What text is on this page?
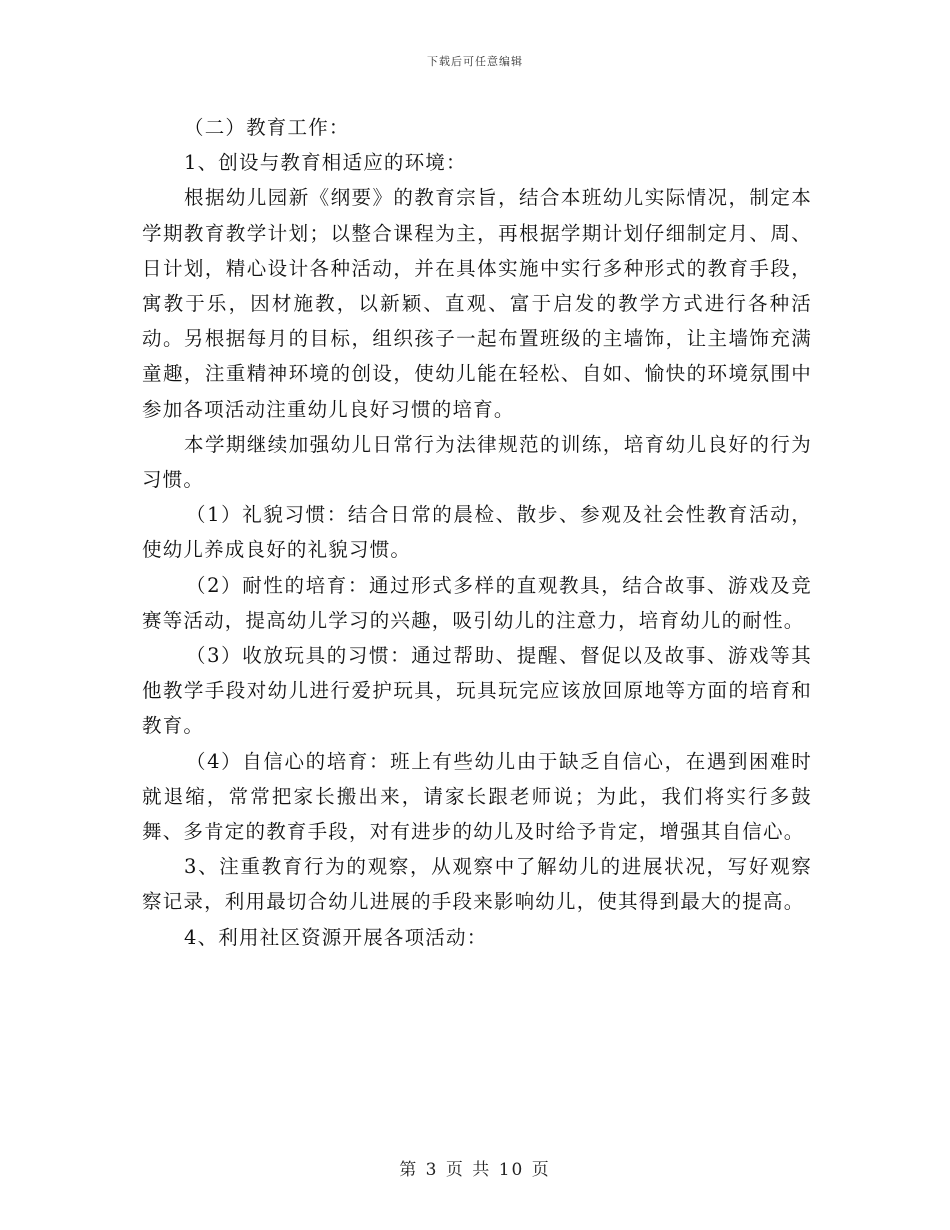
下载后可任意编辑

（二）教育工作：

1、创设与教育相适应的环境：

根据幼儿园新《纲要》的教育宗旨，结合本班幼儿实际情况，制定本学期教育教学计划；以整合课程为主，再根据学期计划仔细制定月、周、日计划，精心设计各种活动，并在具体实施中实行多种形式的教育手段，寓教于乐，因材施教，以新颖、直观、富于启发的教学方式进行各种活动。另根据每月的目标，组织孩子一起布置班级的主墙饰，让主墙饰充满童趣，注重精神环境的创设，使幼儿能在轻松、自如、愉快的环境氛围中参加各项活动注重幼儿良好习惯的培育。

本学期继续加强幼儿日常行为法律规范的训练，培育幼儿良好的行为习惯。

（1）礼貌习惯：结合日常的晨检、散步、参观及社会性教育活动，使幼儿养成良好的礼貌习惯。

（2）耐性的培育：通过形式多样的直观教具，结合故事、游戏及竞赛等活动，提高幼儿学习的兴趣，吸引幼儿的注意力，培育幼儿的耐性。

（3）收放玩具的习惯：通过帮助、提醒、督促以及故事、游戏等其他教学手段对幼儿进行爱护玩具，玩具玩完应该放回原地等方面的培育和教育。

（4）自信心的培育：班上有些幼儿由于缺乏自信心，在遇到困难时就退缩，常常把家长搬出来，请家长跟老师说；为此，我们将实行多鼓舞、多肯定的教育手段，对有进步的幼儿及时给予肯定，增强其自信心。

3、注重教育行为的观察，从观察中了解幼儿的进展状况，写好观察察记录，利用最切合幼儿进展的手段来影响幼儿，使其得到最大的提高。

4、利用社区资源开展各项活动：

第 3 页 共 10 页
